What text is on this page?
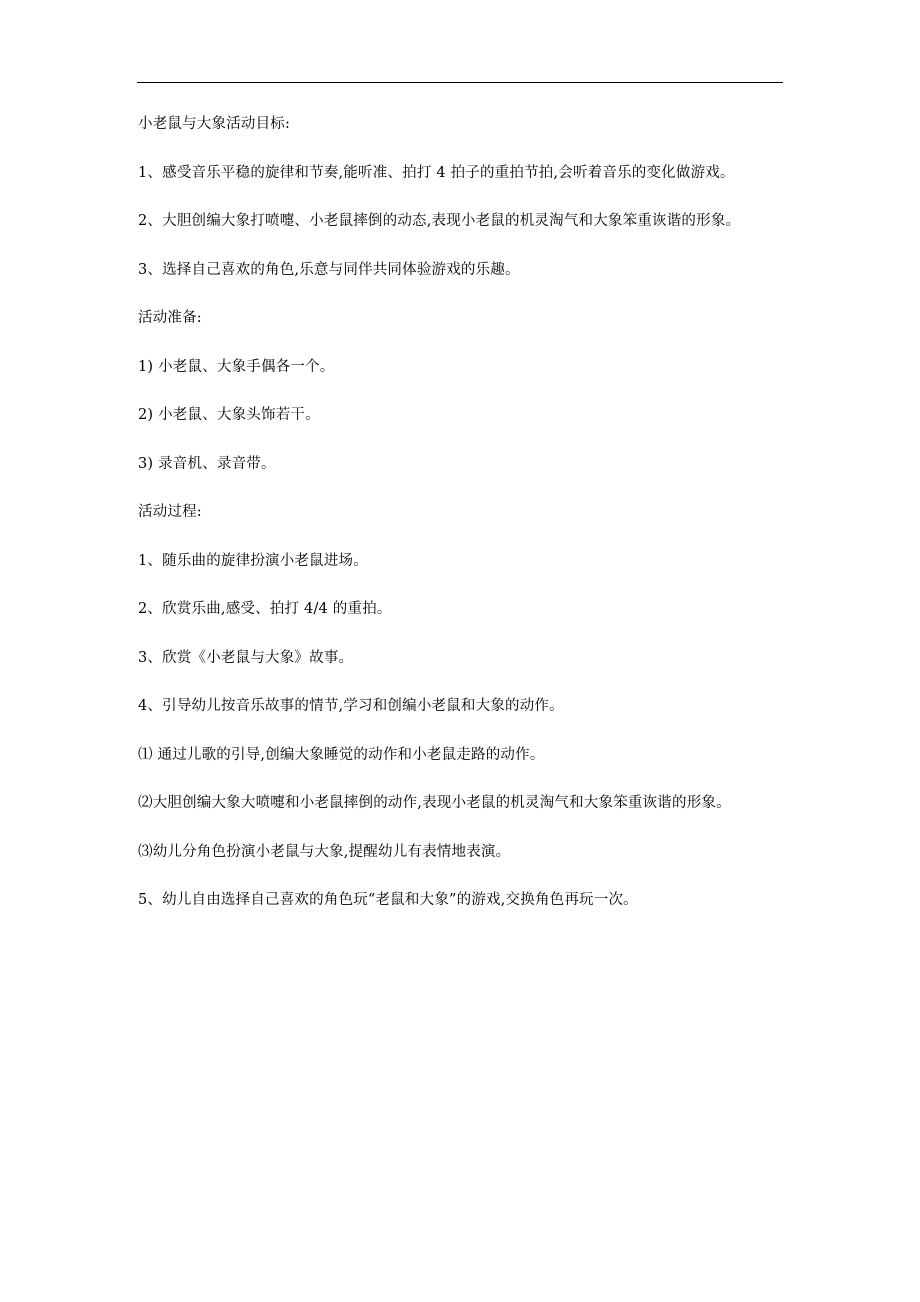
小老鼠与大象活动目标:
1、感受音乐平稳的旋律和节奏,能听准、拍打 4 拍子的重拍节拍,会听着音乐的变化做游戏。
2、大胆创编大象打喷嚏、小老鼠摔倒的动态,表现小老鼠的机灵淘气和大象笨重诙谐的形象。
3、选择自己喜欢的角色,乐意与同伴共同体验游戏的乐趣。
活动准备:
1) 小老鼠、大象手偶各一个。
2) 小老鼠、大象头饰若干。
3) 录音机、录音带。
活动过程:
1、随乐曲的旋律扮演小老鼠进场。
2、欣赏乐曲,感受、拍打 4/4 的重拍。
3、欣赏《小老鼠与大象》故事。
4、引导幼儿按音乐故事的情节,学习和创编小老鼠和大象的动作。
⑴ 通过儿歌的引导,创编大象睡觉的动作和小老鼠走路的动作。
⑵大胆创编大象大喷嚏和小老鼠摔倒的动作,表现小老鼠的机灵淘气和大象笨重诙谐的形象。
⑶幼儿分角色扮演小老鼠与大象,提醒幼儿有表情地表演。
5、幼儿自由选择自己喜欢的角色玩“老鼠和大象”的游戏,交换角色再玩一次。
